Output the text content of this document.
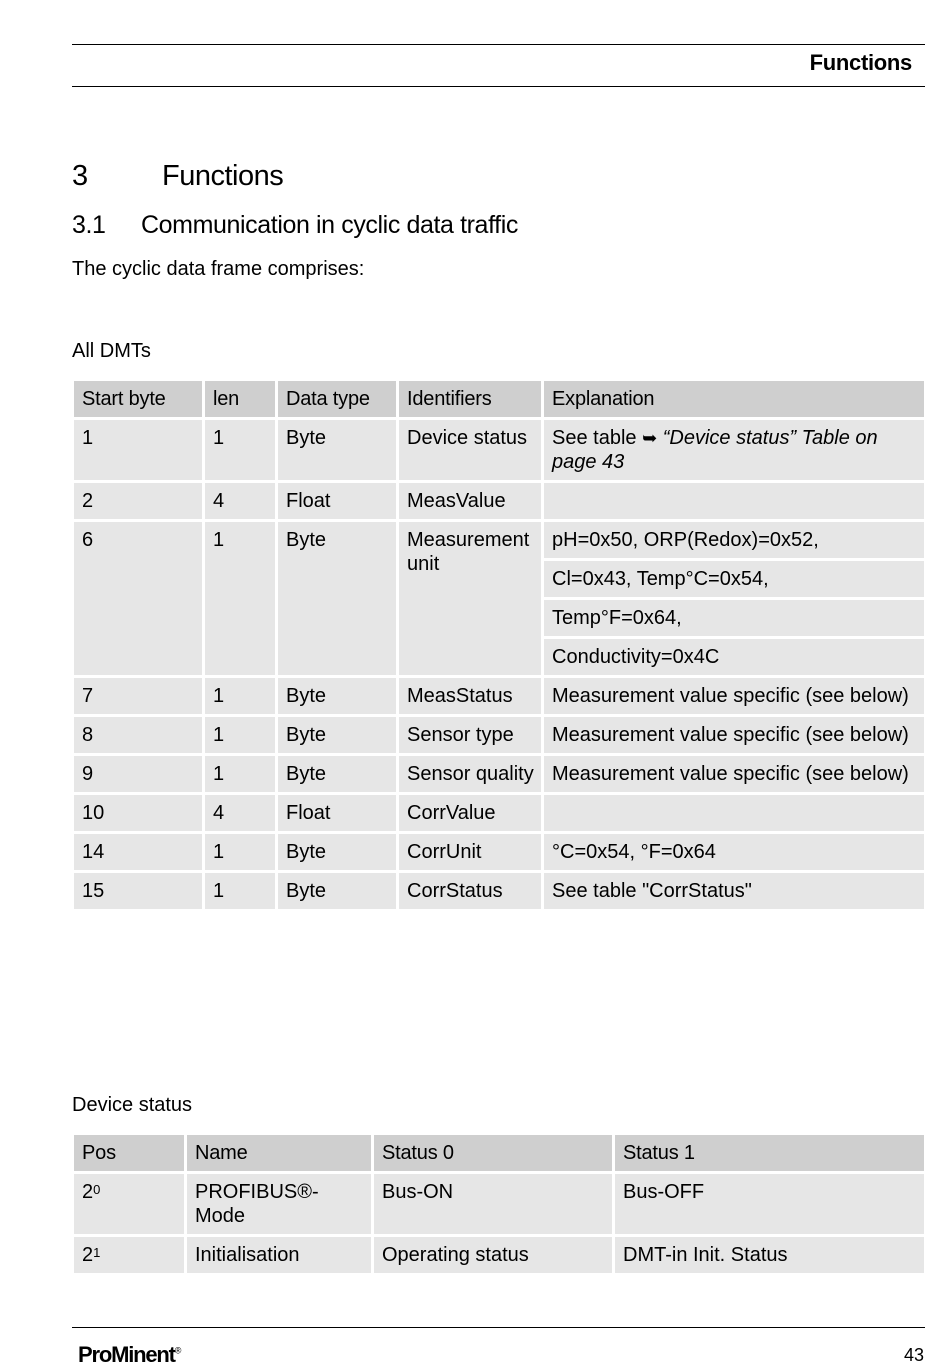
Functions
3	Functions
3.1 Communication in cyclic data traffic
The cyclic data frame comprises:
All DMTs
Start byte	len	Data type	Identifiers	Explanation
1	1	Byte	Device status	See table ➥ “Device status” Table on page 43
2	4	Float	MeasValue	
6	1	Byte	Measurement unit	pH=0x50, ORP(Redox)=0x52,
				Cl=0x43, Temp°C=0x54,
				Temp°F=0x64,
				Conductivity=0x4C
7	1	Byte	MeasStatus	Measurement value specific (see below)
8	1	Byte	Sensor type	Measurement value specific (see below)
9	1	Byte	Sensor quality	Measurement value specific (see below)
10	4	Float	CorrValue	
14	1	Byte	CorrUnit	°C=0x54, °F=0x64
15	1	Byte	CorrStatus	See table "CorrStatus"
Device status
Pos	Name	Status 0	Status 1
$2^0$	PROFIBUS®-Mode	Bus-ON	Bus-OFF
$2^1$	Initialisation	Operating status	DMT-in Init. Status
ProMinent®	43
